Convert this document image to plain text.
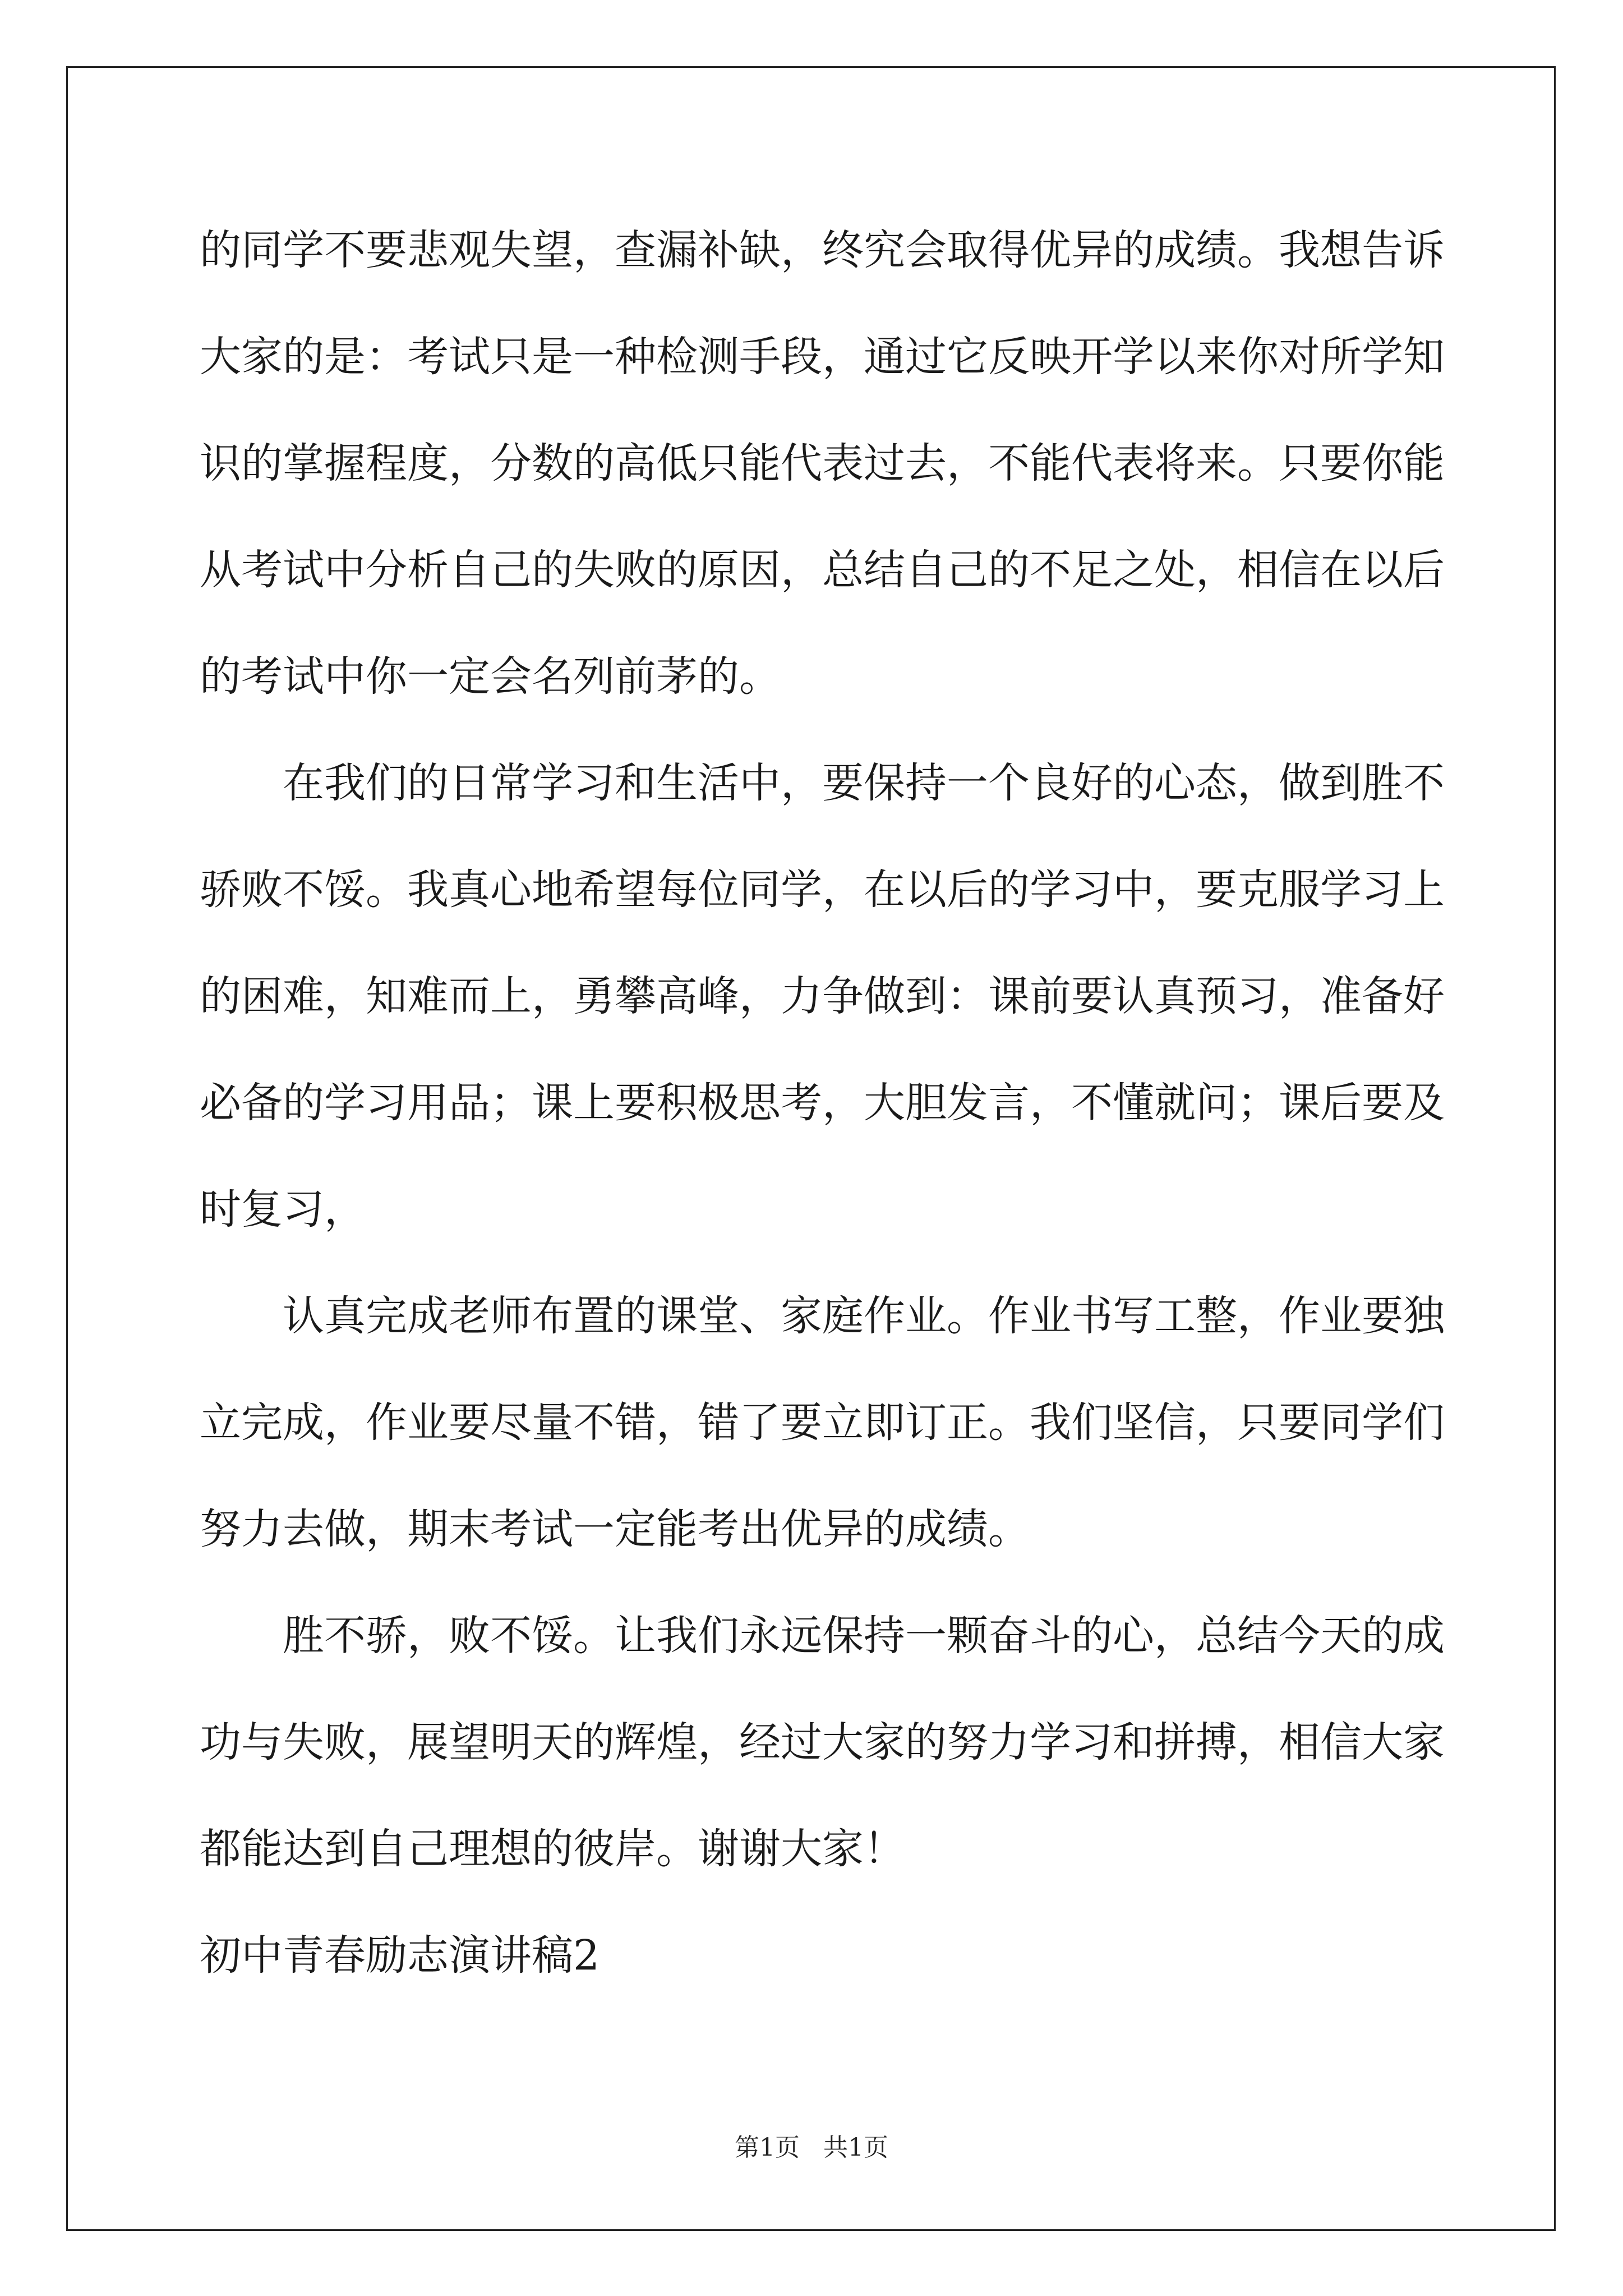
的同学不要悲观失望，查漏补缺，终究会取得优异的成绩。我想告诉
大家的是：考试只是一种检测手段，通过它反映开学以来你对所学知
识的掌握程度，分数的高低只能代表过去，不能代表将来。只要你能
从考试中分析自己的失败的原因，总结自己的不足之处，相信在以后
的考试中你一定会名列前茅的。
在我们的日常学习和生活中，要保持一个良好的心态，做到胜不
骄败不馁。我真心地希望每位同学，在以后的学习中，要克服学习上
的困难，知难而上，勇攀高峰，力争做到：课前要认真预习，准备好
必备的学习用品；课上要积极思考，大胆发言，不懂就问；课后要及
时复习，
认真完成老师布置的课堂、家庭作业。作业书写工整，作业要独
立完成，作业要尽量不错，错了要立即订正。我们坚信，只要同学们
努力去做，期末考试一定能考出优异的成绩。
胜不骄，败不馁。让我们永远保持一颗奋斗的心，总结今天的成
功与失败，展望明天的辉煌，经过大家的努力学习和拼搏，相信大家
都能达到自己理想的彼岸。谢谢大家！
初中青春励志演讲稿2
第1页   共1页
